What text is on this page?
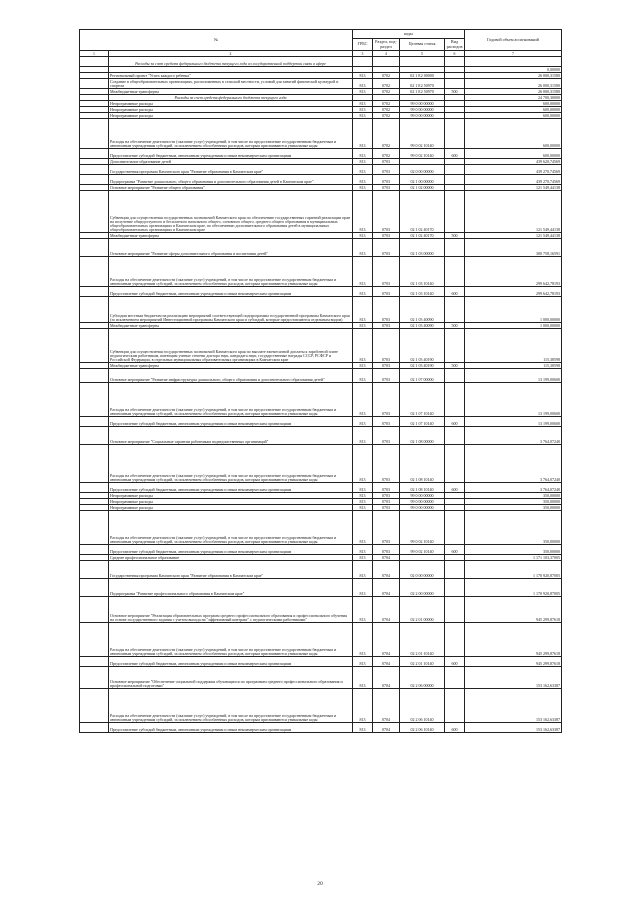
№		коды				Годовой объем ассигнований
		ГРБС	Раздел, под-раздел	Целевая статья	Вид расходов	
1	2	3	4	5	6	7
	Расходы за счет средств федерального бюджета текущего года из государственной поддержки связи в сфере					
						0,00000
	Региональный проект "Успех каждого ребенка"	813	0702	02 1 E2 00000		26 000,31580
	Создание в общеобразовательных организациях, расположенных в сельской местности, условий для занятий физической культурой и спортом	813	0702	02 1 E2 50970		26 000,31580
	Межбюджетные трансферты	813	0702	02 1 E2 50970	500	26 000,31580
	Расходы за счет средств федерального бюджета текущего года					24 700,30000
	Непрограммные расходы	813	0702	99 0 00 00000		600,00000
	Непрограммные расходы	813	0702	99 0 00 00000		600,00000
	Непрограммные расходы	813	0702	99 0 00 00000		600,00000
	Расходы на обеспечение деятельности (оказание услуг) учреждений, в том числе на предоставление государственным бюджетным и автономным учреждениям субсидий, за исключением обособленных расходов, которым присваиваются уникальные коды	813	0702	99 0 02 10140		600,00000
	Предоставление субсидий бюджетным, автономным учреждениям и иным некоммерческим организациям	813	0702	99 0 02 10140	600	600,00000
	Дополнительное образование детей	813	0703			439 620,74569
	Государственная программа Камчатского края "Развитие образования в Камчатском крае"	813	0703	02 0 00 00000		439 270,74569
	Подпрограмма "Развитие дошкольного, общего образования и дополнительного образования детей в Камчатском крае"	813	0703	02 1 00 00000		439 270,74569
	Основное мероприятие "Развитие общего образования"	813	0703	02 1 02 00000		121 549,44138
	Субвенции для осуществления государственных полномочий Камчатского края по обеспечению государственных гарантий реализации прав на получение общедоступного и бесплатного начального общего, основного общего, среднего общего образования в муниципальных общеобразовательных организациях в Камчатском крае, по обеспечению дополнительного образования детей в муниципальных общеобразовательных организациях в Камчатском крае	813	0703	02 1 02 40170		121 549,44138
	Межбюджетные трансферты	813	0703	02 1 02 40170	500	121 549,44138
	Основное мероприятие "Развитие сферы дополнительного образования и воспитания детей"	813	0703	02 1 03 00000		300 758,16591
	Расходы на обеспечение деятельности (оказание услуг) учреждений, в том числе на предоставление государственным бюджетным и автономным учреждениям субсидий, за исключением обособленных расходов, которым присваиваются уникальные коды	813	0703	02 1 03 10140		299 642,78193
	Предоставление субсидий бюджетным, автономным учреждениям и иным некоммерческим организациям	813	0703	02 1 03 10140	600	299 642,78193
	Субсидии местным бюджетам на реализацию мероприятий соответствующей подпрограммы государственной программы Камчатского края (за исключением мероприятий Инвестиционной программы Камчатского края и субсидий, которые предоставляются отдельным видом)	813	0703	02 1 03 40090		1 000,00000
	Межбюджетные трансферты	813	0703	02 1 03 40090	500	1 000,00000
	Субвенции для осуществления государственных полномочий Камчатского края по выплате ежемесячной доплаты к заработной плате педагогическим работникам, имеющим ученые степени доктора наук, кандидата наук, государственные награды СССР, РСФСР и Российской Федерации, в отдельных муниципальных образовательных организациях в Камчатском крае	813	0703	02 1 03 40190		115,38598
	Межбюджетные трансферты	813	0703	02 1 03 40190	500	115,38598
	Основное мероприятие "Развитие инфраструктуры дошкольного, общего образования и дополнительного образования детей"	813	0703	02 1 07 00000		13 199,00600
	Расходы на обеспечение деятельности (оказание услуг) учреждений, в том числе на предоставление государственным бюджетным и автономным учреждениям субсидий, за исключением обособленных расходов, которым присваиваются уникальные коды	813	0703	02 1 07 10140		13 199,00600
	Предоставление субсидий бюджетным, автономным учреждениям и иным некоммерческим организациям	813	0703	02 1 07 10140	600	13 199,00600
	Основное мероприятие "Социальные гарантии работникам подведомственных организаций"	813	0703	02 1 08 00000		3 764,07240
	Расходы на обеспечение деятельности (оказание услуг) учреждений, в том числе на предоставление государственным бюджетным и автономным учреждениям субсидий, за исключением обособленных расходов, которым присваиваются уникальные коды	813	0703	02 1 08 10140		3 764,07240
	Предоставление субсидий бюджетным, автономным учреждениям и иным некоммерческим организациям	813	0703	02 1 08 10140	600	3 764,07240
	Непрограммные расходы	813	0703	99 0 00 00000		350,00000
	Непрограммные расходы	813	0703	99 0 00 00000		350,00000
	Непрограммные расходы	813	0703	99 0 00 00000		350,00000
	Расходы на обеспечение деятельности (оказание услуг) учреждений, в том числе на предоставление государственным бюджетным и автономным учреждениям субсидий, за исключением обособленных расходов, которым присваиваются уникальные коды	813	0703	99 0 02 10140		350,00000
	Предоставление субсидий бюджетным, автономным учреждениям и иным некоммерческим организациям	813	0703	99 0 02 10140	600	350,00000
	Среднее профессиональное образование	813	0704			1 171 103,37005
	Государственная программа Камчатского края "Развитие образования в Камчатском крае"	813	0704	02 0 00 00000		1 170 920,87005
	Подпрограмма "Развитие профессионального образования в Камчатском крае"	813	0704	02 2 00 00000		1 170 920,87005
	Основное мероприятие "Реализация образовательных программ среднего профессионального образования и профессионального обучения на основе государственного задания с учетом выхода на "эффективный контракт" с педагогическими работниками"	813	0704	02 2 01 00000		945 299,87618
	Расходы на обеспечение деятельности (оказание услуг) учреждений, в том числе на предоставление государственным бюджетным и автономным учреждениям субсидий, за исключением обособленных расходов, которым присваиваются уникальные коды	813	0704	02 2 01 10140		945 299,87618
	Предоставление субсидий бюджетным, автономным учреждениям и иным некоммерческим организациям	813	0704	02 2 01 10140	600	945 299,87618
	Основное мероприятие "Обеспечение социальной поддержки обучающихся по программам среднего профессионального образования и профессиональной подготовки"	813	0704	02 2 06 00000		153 162,63387
	Расходы на обеспечение деятельности (оказание услуг) учреждений, в том числе на предоставление государственным бюджетным и автономным учреждениям субсидий, за исключением обособленных расходов, которым присваиваются уникальные коды	813	0704	02 2 06 10140		153 162,63387
	Предоставление субсидий бюджетным, автономным учреждениям и иным некоммерческим организациям	813	0704	02 2 06 10140	600	153 162,63387
20
